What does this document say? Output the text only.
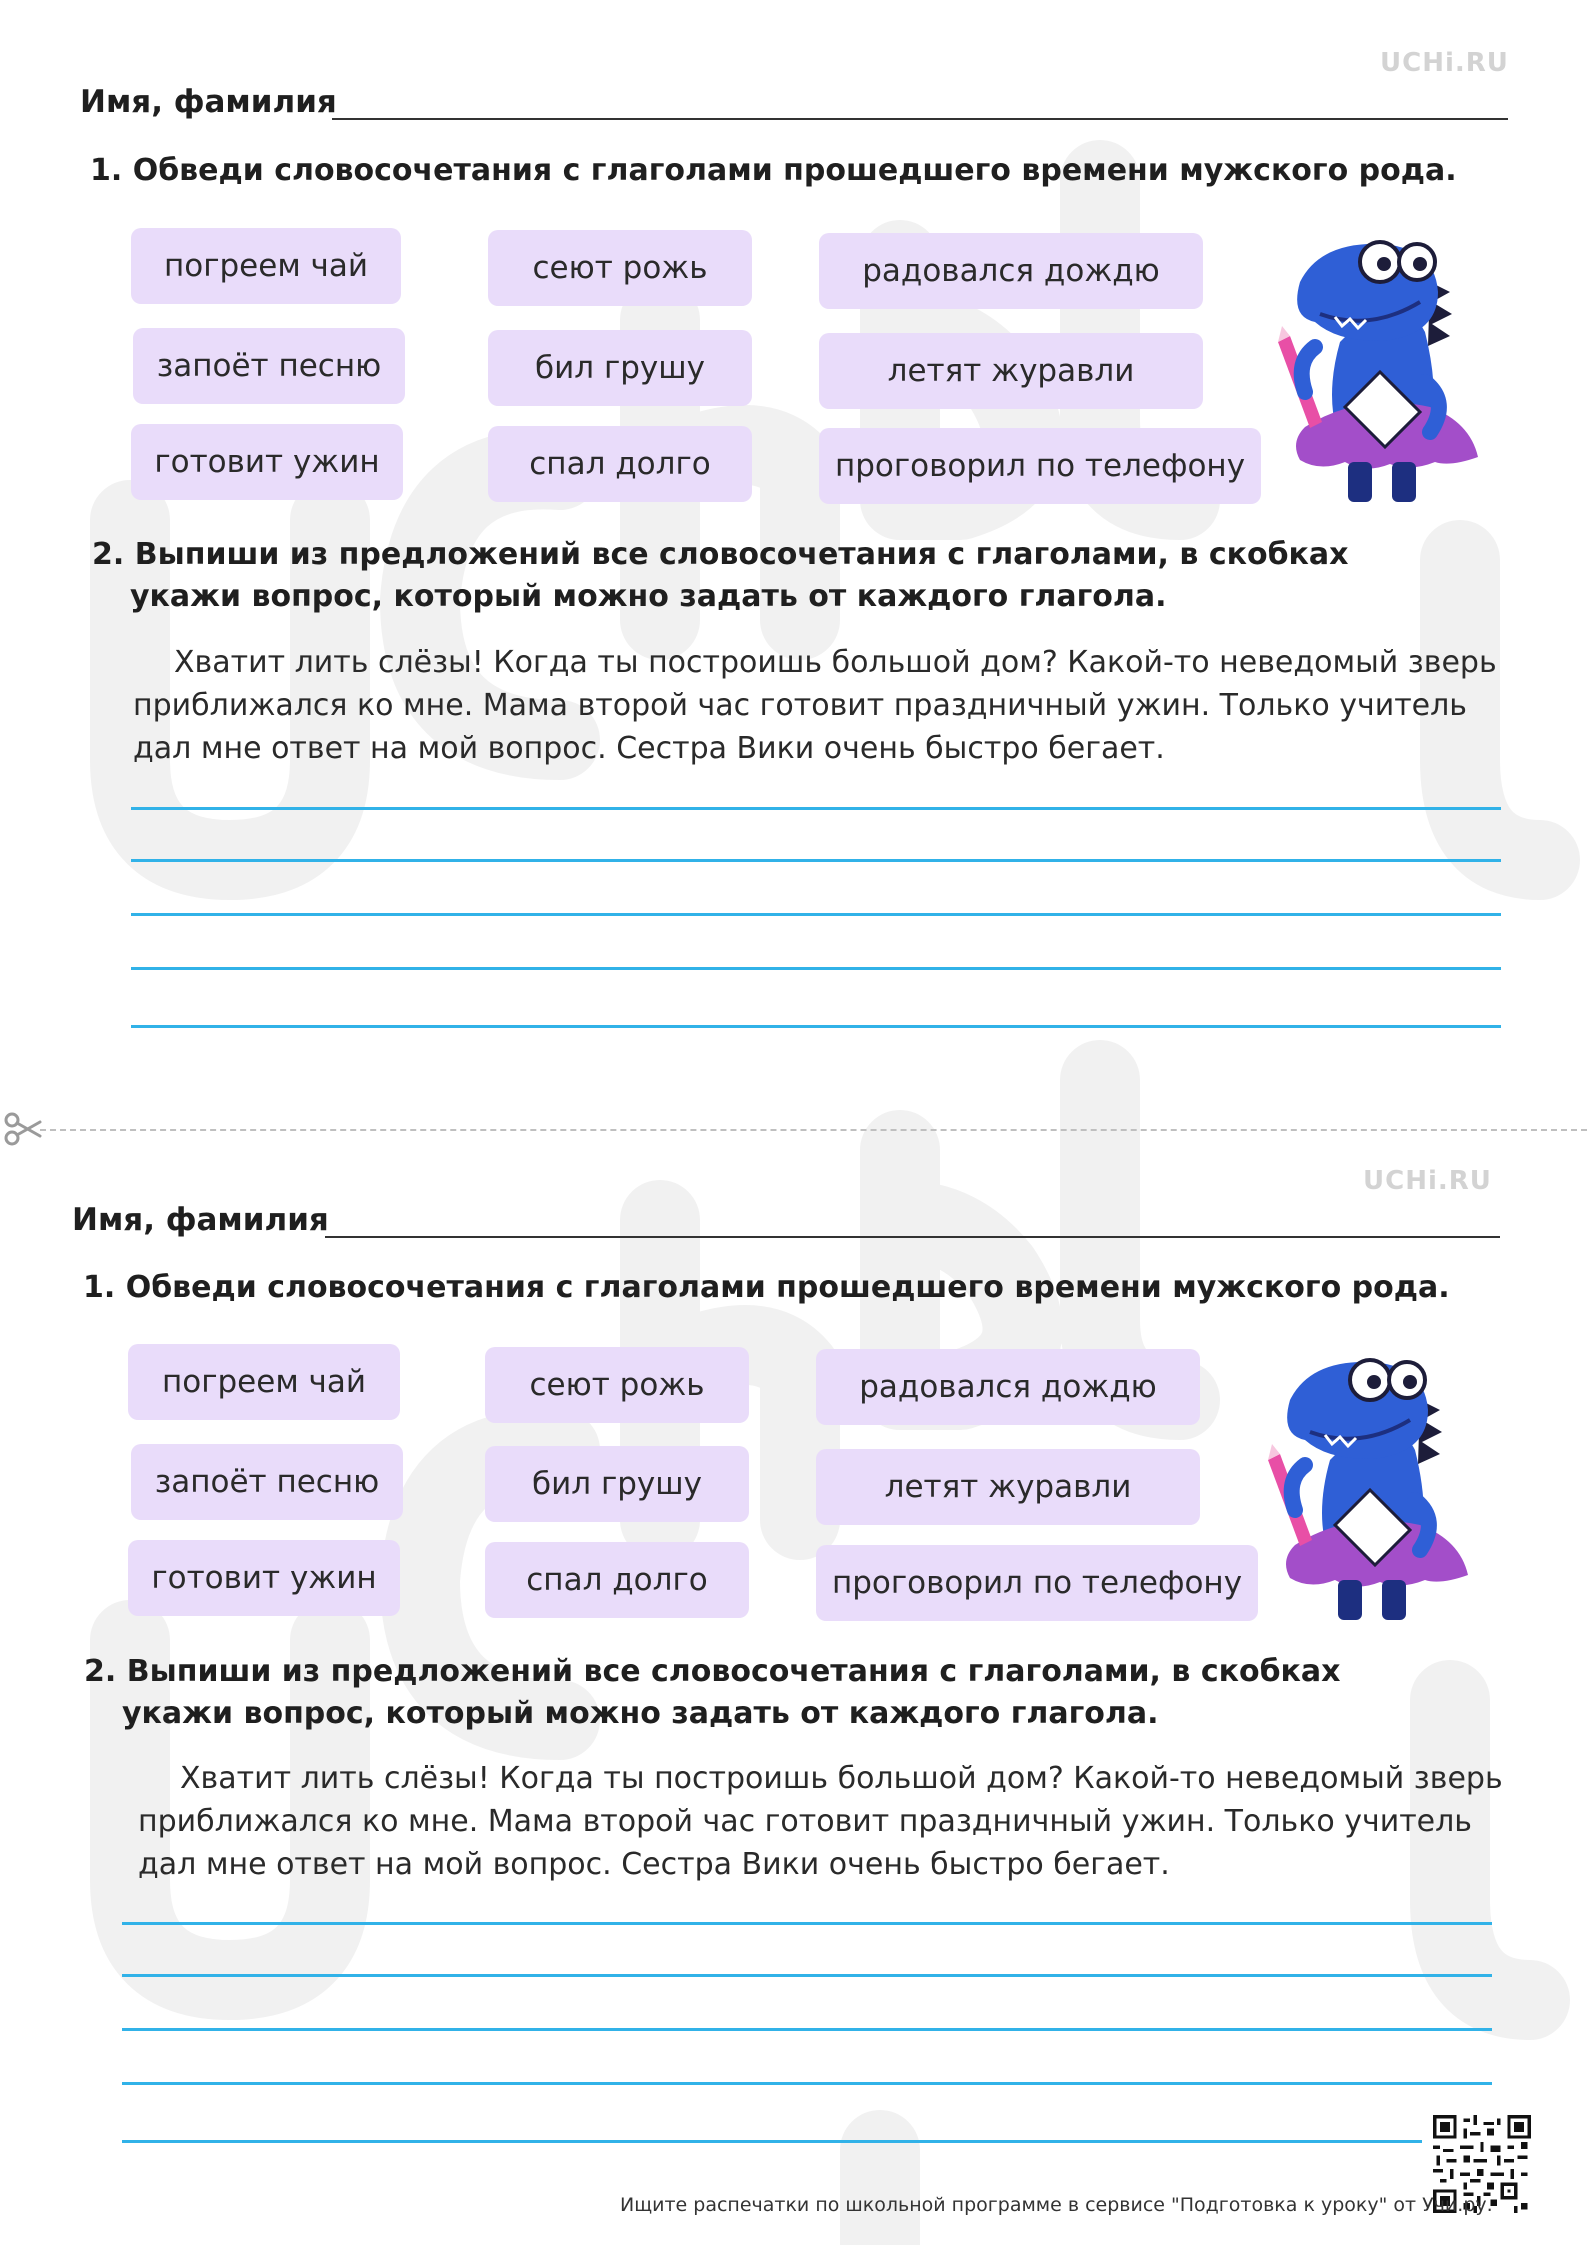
UCHi.RU
Имя, фамилия
1. Обведи словосочетания с глаголами прошедшего времени мужского рода.
погреем чай	сеют рожь	радовался дождю
запоёт песню	бил грушу	летят журавли
готовит ужин	спал долго	проговорил по телефону
2. Выпиши из предложений все словосочетания с глаголами, в скобках
укажи вопрос, который можно задать от каждого глагола.
Хватит лить слёзы! Когда ты построишь большой дом? Какой-то неведомый зверь
приближался ко мне. Мама второй час готовит праздничный ужин. Только учитель
дал мне ответ на мой вопрос. Сестра Вики очень быстро бегает.
UCHi.RU
Имя, фамилия
1. Обведи словосочетания с глаголами прошедшего времени мужского рода.
погреем чай	сеют рожь	радовался дождю
запоёт песню	бил грушу	летят журавли
готовит ужин	спал долго	проговорил по телефону
2. Выпиши из предложений все словосочетания с глаголами, в скобках
укажи вопрос, который можно задать от каждого глагола.
Хватит лить слёзы! Когда ты построишь большой дом? Какой-то неведомый зверь
приближался ко мне. Мама второй час готовит праздничный ужин. Только учитель
дал мне ответ на мой вопрос. Сестра Вики очень быстро бегает.
Ищите распечатки по школьной программе в сервисе "Подготовка к уроку" от Учи.ру.
